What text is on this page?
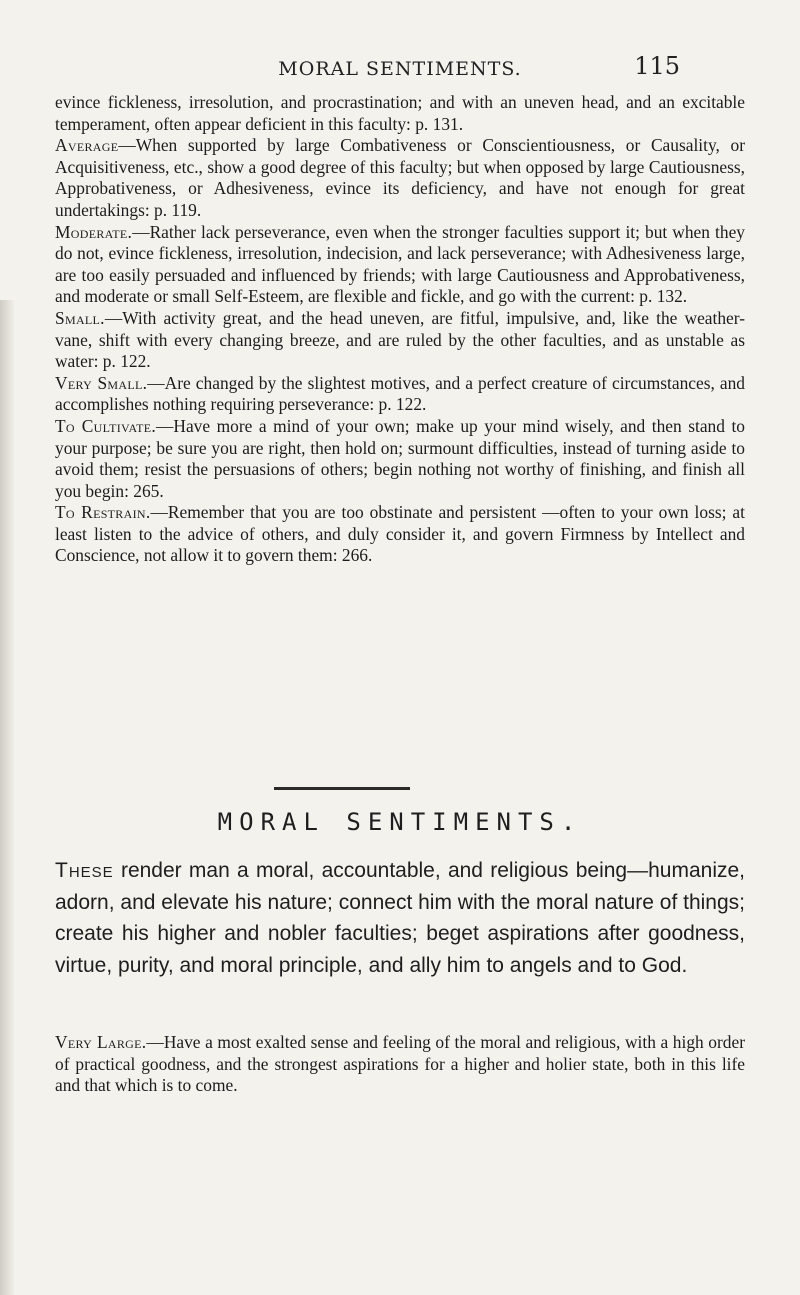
MORAL SENTIMENTS.	115

evince fickleness, irresolution, and procrastination; and with an uneven head, and an excitable temperament, often appear deficient in this faculty: p. 131.

Average—When supported by large Combativeness or Conscientiousness, or Causality, or Acquisitiveness, etc., show a good degree of this faculty; but when opposed by large Cautiousness, Approbativeness, or Adhesiveness, evince its deficiency, and have not enough for great undertakings: p. 119.

Moderate.—Rather lack perseverance, even when the stronger faculties support it; but when they do not, evince fickleness, irresolution, indecision, and lack perseverance; with Adhesiveness large, are too easily persuaded and influenced by friends; with large Cautiousness and Approbativeness, and moderate or small Self-Esteem, are flexible and fickle, and go with the current: p. 132.

Small.—With activity great, and the head uneven, are fitful, impulsive, and, like the weather-vane, shift with every changing breeze, and are ruled by the other faculties, and as unstable as water: p. 122.

Very Small.—Are changed by the slightest motives, and a perfect creature of circumstances, and accomplishes nothing requiring perseverance: p. 122.

To Cultivate.—Have more a mind of your own; make up your mind wisely, and then stand to your purpose; be sure you are right, then hold on; surmount difficulties, instead of turning aside to avoid them; resist the persuasions of others; begin nothing not worthy of finishing, and finish all you begin: 265.

To Restrain.—Remember that you are too obstinate and persistent —often to your own loss; at least listen to the advice of others, and duly consider it, and govern Firmness by Intellect and Conscience, not allow it to govern them: 266.

MORAL SENTIMENTS.

These render man a moral, accountable, and religious being—humanize, adorn, and elevate his nature; connect him with the moral nature of things; create his higher and nobler faculties; beget aspirations after goodness, virtue, purity, and moral principle, and ally him to angels and to God.

Very Large.—Have a most exalted sense and feeling of the moral and religious, with a high order of practical goodness, and the strongest aspirations for a higher and holier state, both in this life and that which is to come.
